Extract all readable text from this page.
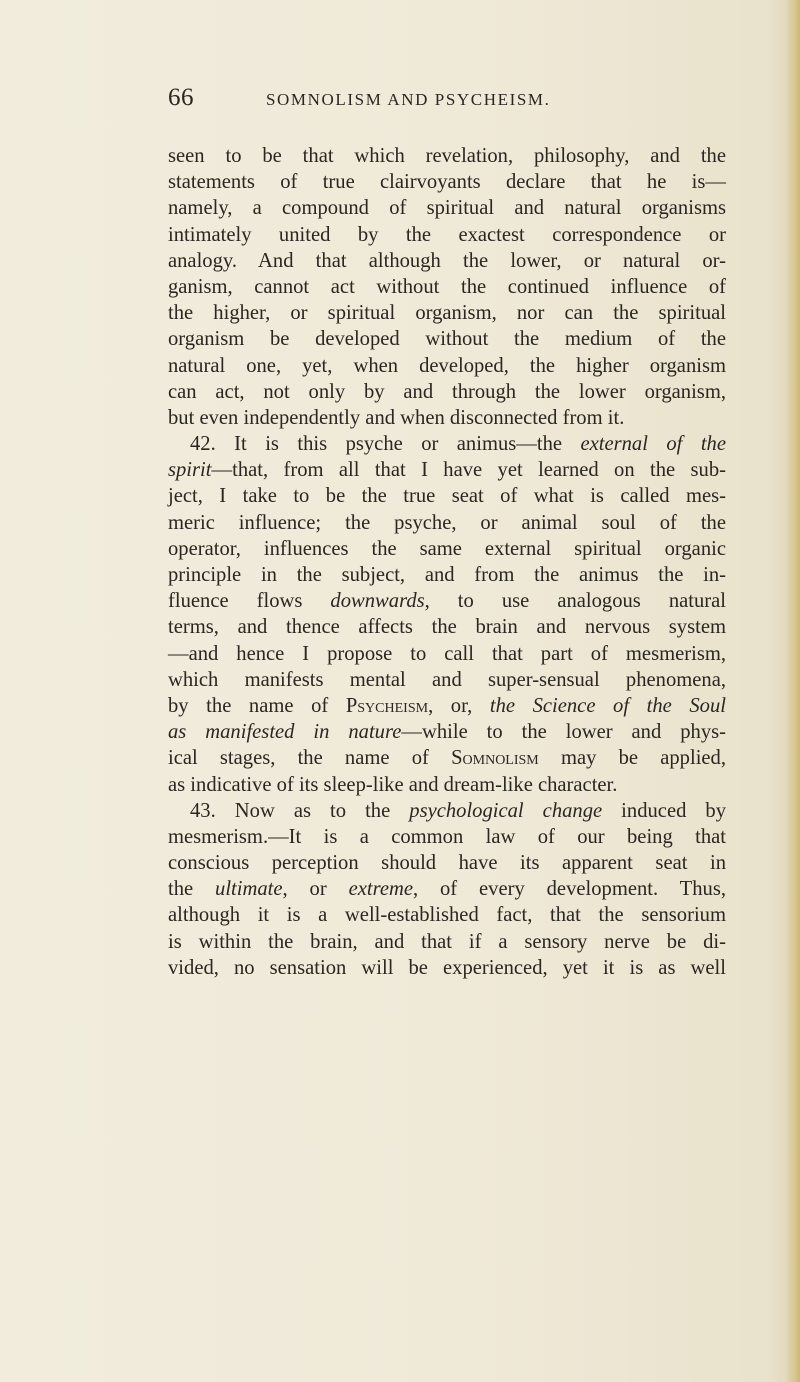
66	SOMNOLISM AND PSYCHEISM.
seen to be that which revelation, philosophy, and the
statements of true clairvoyants declare that he is—
namely, a compound of spiritual and natural organisms
intimately united by the exactest correspondence or
analogy. And that although the lower, or natural or-
ganism, cannot act without the continued influence of
the higher, or spiritual organism, nor can the spiritual
organism be developed without the medium of the
natural one, yet, when developed, the higher organism
can act, not only by and through the lower organism,
but even independently and when disconnected from it.
42. It is this psyche or animus—the external of the
spirit—that, from all that I have yet learned on the sub-
ject, I take to be the true seat of what is called mes-
meric influence; the psyche, or animal soul of the
operator, influences the same external spiritual organic
principle in the subject, and from the animus the in-
fluence flows downwards, to use analogous natural
terms, and thence affects the brain and nervous system
—and hence I propose to call that part of mesmerism,
which manifests mental and super-sensual phenomena,
by the name of Psycheism, or, the Science of the Soul
as manifested in nature—while to the lower and phys-
ical stages, the name of Somnolism may be applied,
as indicative of its sleep-like and dream-like character.
43. Now as to the psychological change induced by
mesmerism.—It is a common law of our being that
conscious perception should have its apparent seat in
the ultimate, or extreme, of every development. Thus,
although it is a well-established fact, that the sensorium
is within the brain, and that if a sensory nerve be di-
vided, no sensation will be experienced, yet it is as well
